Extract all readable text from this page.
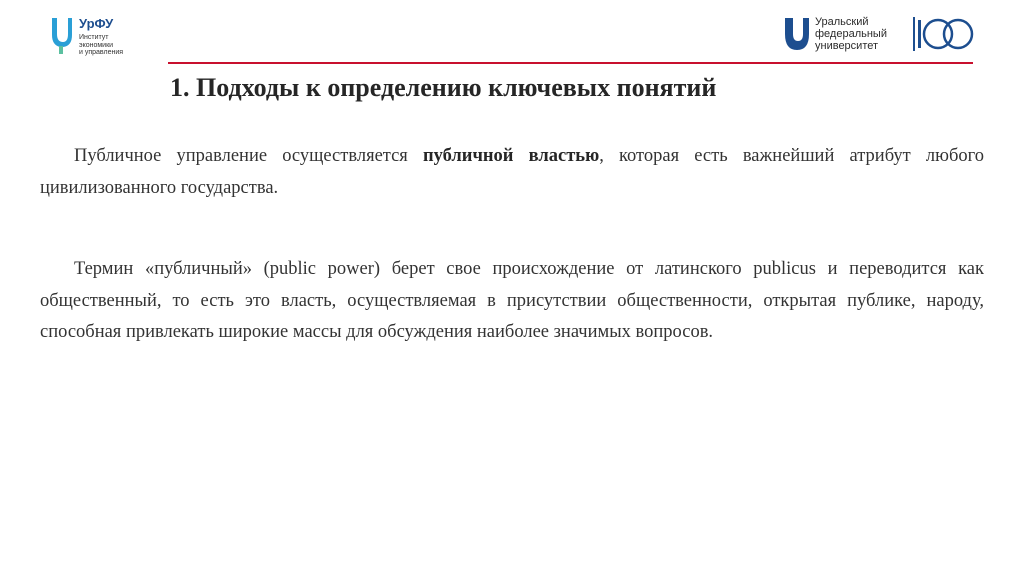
УрФУ
Институт
экономики
и управления
Уральский
федеральный
университет
1. Подходы к определению ключевых понятий

Публичное управление осуществляется публичной властью, которая есть важнейший атрибут любого цивилизованного государства.

Термин «публичный» (public power) берет свое происхождение от латинского publicus и переводится как общественный, то есть это власть, осуществляемая в присутствии общественности, открытая публике, народу, способная привлекать широкие массы для обсуждения наиболее значимых вопросов.
